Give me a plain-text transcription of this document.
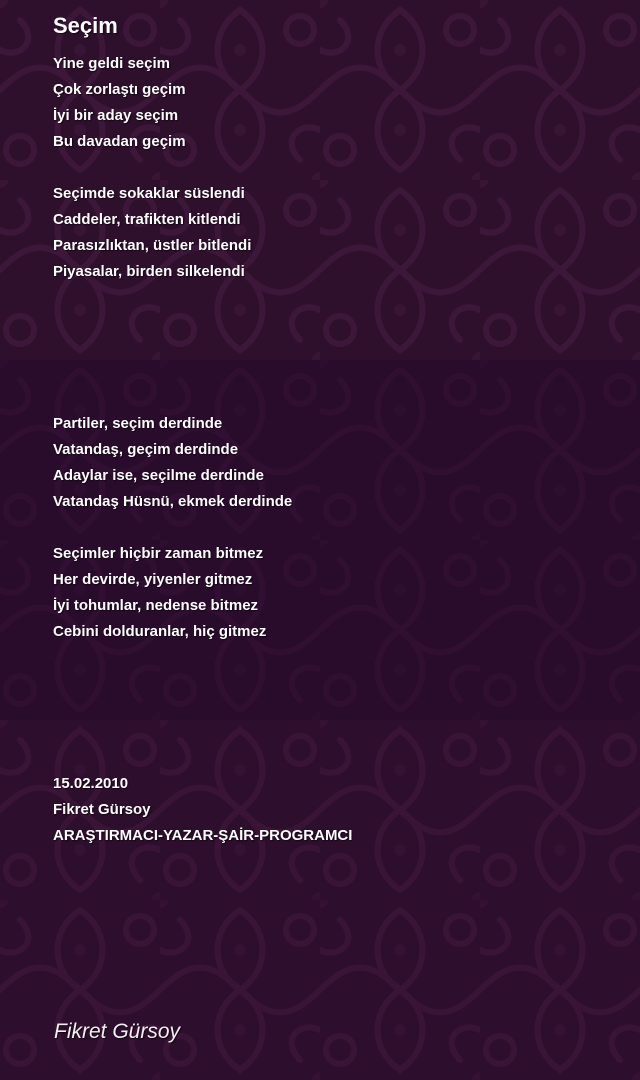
Seçim
Yine geldi seçim
Çok zorlaştı geçim
İyi bir aday seçim
Bu davadan geçim
Seçimde sokaklar süslendi
Caddeler, trafikten kitlendi
Parasızlıktan, üstler bitlendi
Piyasalar, birden silkelendi
Partiler, seçim derdinde
Vatandaş, geçim derdinde
Adaylar ise, seçilme derdinde
Vatandaş Hüsnü, ekmek derdinde
Seçimler hiçbir zaman bitmez
Her devirde, yiyenler gitmez
İyi tohumlar, nedense bitmez
Cebini dolduranlar, hiç gitmez
15.02.2010
Fikret Gürsoy
ARAŞTIRMACI-YAZAR-ŞAİR-PROGRAMCI
Fikret Gürsoy
